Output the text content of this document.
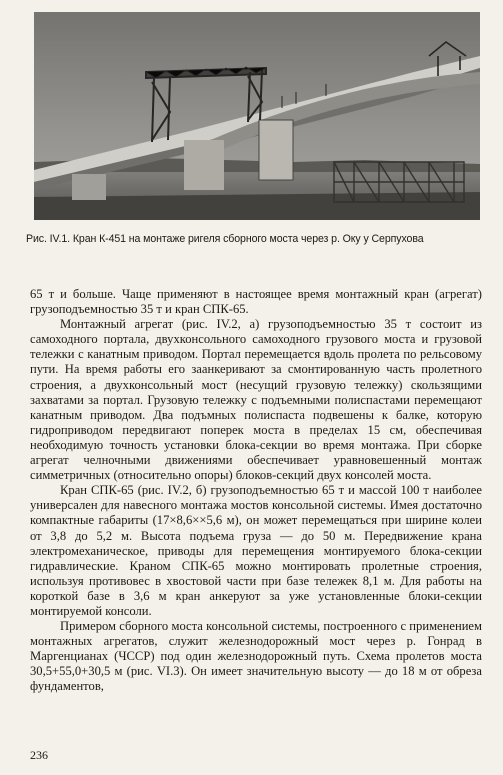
Рис. IV.1. Кран К-451 на монтаже ригеля сборного моста через р. Оку у Серпухова

65 т и больше. Чаще применяют в настоящее время монтажный кран (агрегат) грузоподъемностью 35 т и кран СПК-65.

Монтажный агрегат (рис. IV.2, а) грузоподъемностью 35 т состоит из самоходного портала, двухконсольного самоходного грузового моста и грузовой тележки с канатным приводом. Портал перемещается вдоль пролета по рельсовому пути. На время работы его заанкеривают за смонтированную часть пролетного строения, а двухконсольный мост (несущий грузовую тележку) скользящими захватами за портал. Грузовую тележку с подъемными полиспастами перемещают канатным приводом. Два подъмных полиспаста подвешены к балке, которую гидроприводом передвигают поперек моста в пределах 15 см, обеспечивая необходимую точность установки блока-секции во время монтажа. При сборке агрегат челночными движениями обеспечивает уравновешенный монтаж симметричных (относительно опоры) блоков-секций двух консолей моста.

Кран СПК-65 (рис. IV.2, б) грузоподъемностью 65 т и массой 100 т наиболее универсален для навесного монтажа мостов консольной системы. Имея достаточно компактные габариты (17×8,6××5,6 м), он может перемещаться при ширине колеи от 3,8 до 5,2 м. Высота подъема груза — до 50 м. Передвижение крана электромеханическое, приводы для перемещения монтируемого блока-секции гидравлические. Краном СПК-65 можно монтировать пролетные строения, используя противовес в хвостовой части при базе тележек 8,1 м. Для работы на короткой базе в 3,6 м кран анкеруют за уже установленные блоки-секции монтируемой консоли.

Примером сборного моста консольной системы, построенного с применением монтажных агрегатов, служит железнодорожный мост через р. Гонрад в Маргенцианах (ЧССР) под один железнодорожный путь. Схема пролетов моста 30,5+55,0+30,5 м (рис. VI.3). Он имеет значительную высоту — до 18 м от обреза фундаментов,

236
